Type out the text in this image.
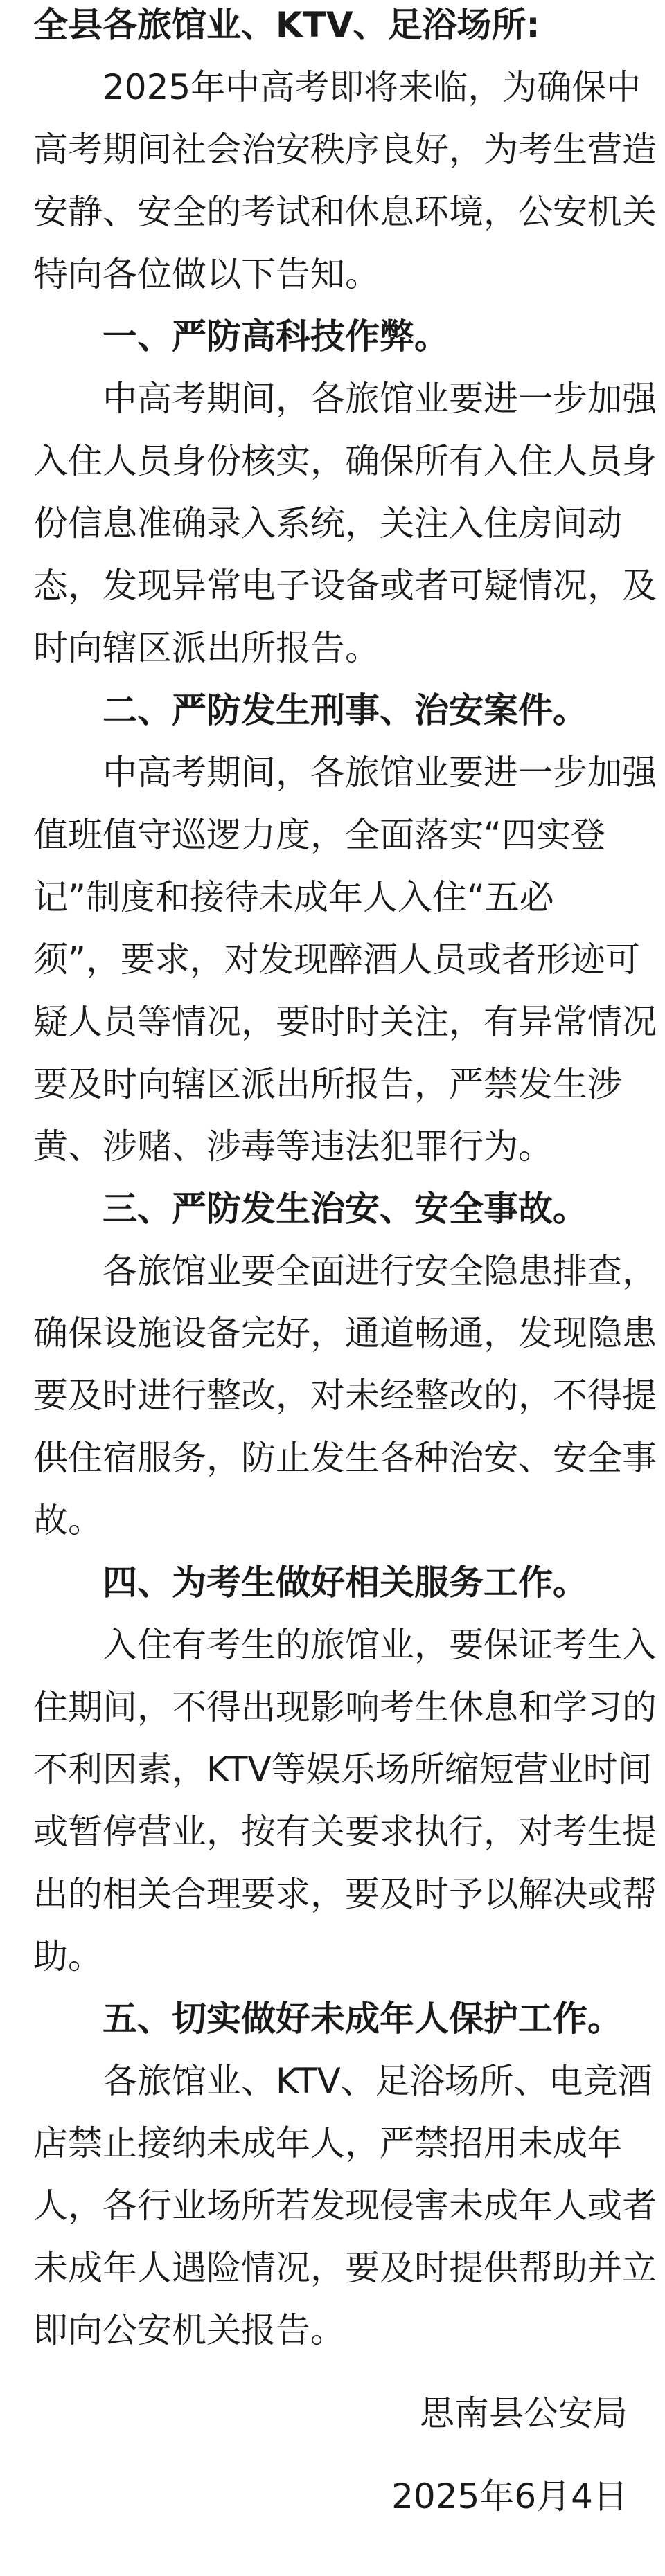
全县各旅馆业、KTV、足浴场所:
2025年中高考即将来临，为确保中
高考期间社会治安秩序良好，为考生营造
安静、安全的考试和休息环境，公安机关
特向各位做以下告知。
一、严防高科技作弊。
中高考期间，各旅馆业要进一步加强
入住人员身份核实，确保所有入住人员身
份信息准确录入系统，关注入住房间动
态，发现异常电子设备或者可疑情况，及
时向辖区派出所报告。
二、严防发生刑事、治安案件。
中高考期间，各旅馆业要进一步加强
值班值守巡逻力度，全面落实“四实登
记”制度和接待未成年人入住“五必
须”，要求，对发现醉酒人员或者形迹可
疑人员等情况，要时时关注，有异常情况
要及时向辖区派出所报告，严禁发生涉
黄、涉赌、涉毒等违法犯罪行为。
三、严防发生治安、安全事故。
各旅馆业要全面进行安全隐患排查，
确保设施设备完好，通道畅通，发现隐患
要及时进行整改，对未经整改的，不得提
供住宿服务，防止发生各种治安、安全事
故。
四、为考生做好相关服务工作。
入住有考生的旅馆业，要保证考生入
住期间，不得出现影响考生休息和学习的
不利因素，KTV等娱乐场所缩短营业时间
或暂停营业，按有关要求执行，对考生提
出的相关合理要求，要及时予以解决或帮
助。
五、切实做好未成年人保护工作。
各旅馆业、KTV、足浴场所、电竞酒
店禁止接纳未成年人，严禁招用未成年
人，各行业场所若发现侵害未成年人或者
未成年人遇险情况，要及时提供帮助并立
即向公安机关报告。
思南县公安局
2025年6月4日
